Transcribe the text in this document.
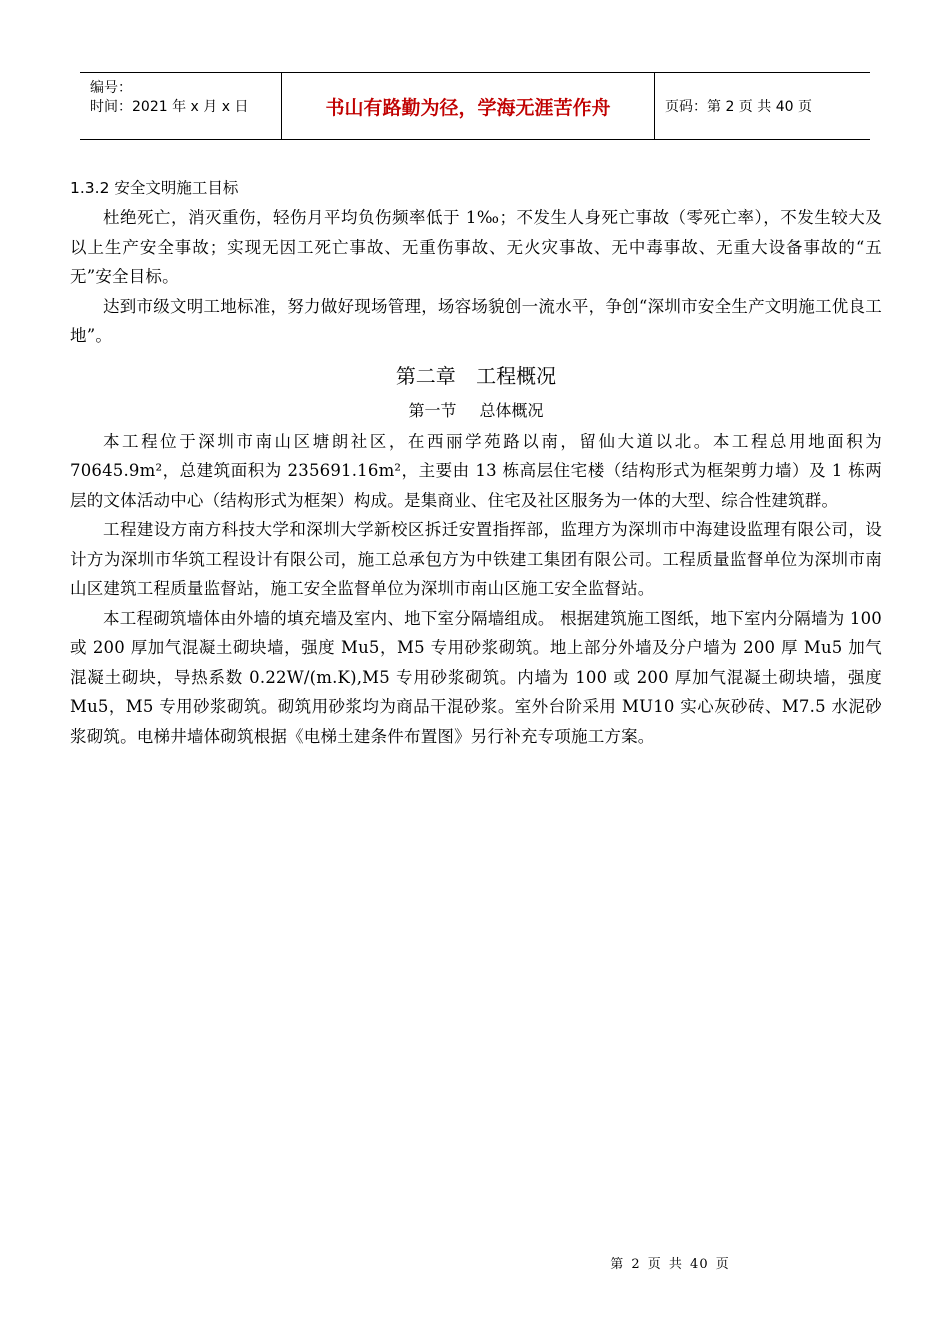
编号：
时间：2021 年 x 月 x 日	书山有路勤为径，学海无涯苦作舟	页码：第 2 页 共 40 页
1.3.2 安全文明施工目标

杜绝死亡，消灭重伤，轻伤月平均负伤频率低于 1‰；不发生人身死亡事故（零死亡率），不发生较大及以上生产安全事故；实现无因工死亡事故、无重伤事故、无火灾事故、无中毒事故、无重大设备事故的“五无”安全目标。

达到市级文明工地标准，努力做好现场管理，场容场貌创一流水平，争创“深圳市安全生产文明施工优良工地”。

第二章 工程概况
第一节 总体概况

本工程位于深圳市南山区塘朗社区，在西丽学苑路以南，留仙大道以北。本工程总用地面积为 70645.9m²，总建筑面积为 235691.16m²，主要由 13 栋高层住宅楼（结构形式为框架剪力墙）及 1 栋两层的文体活动中心（结构形式为框架）构成。是集商业、住宅及社区服务为一体的大型、综合性建筑群。

工程建设方南方科技大学和深圳大学新校区拆迁安置指挥部，监理方为深圳市中海建设监理有限公司，设计方为深圳市华筑工程设计有限公司，施工总承包方为中铁建工集团有限公司。工程质量监督单位为深圳市南山区建筑工程质量监督站，施工安全监督单位为深圳市南山区施工安全监督站。

本工程砌筑墙体由外墙的填充墙及室内、地下室分隔墙组成。 根据建筑施工图纸，地下室内分隔墙为 100 或 200 厚加气混凝土砌块墙，强度 Mu5，M5 专用砂浆砌筑。地上部分外墙及分户墙为 200 厚 Mu5 加气混凝土砌块，导热系数 0.22W/(m.K),M5 专用砂浆砌筑。内墙为 100 或 200 厚加气混凝土砌块墙，强度 Mu5，M5 专用砂浆砌筑。砌筑用砂浆均为商品干混砂浆。室外台阶采用 MU10 实心灰砂砖、M7.5 水泥砂浆砌筑。电梯井墙体砌筑根据《电梯土建条件布置图》另行补充专项施工方案。

第 2 页 共 40 页
